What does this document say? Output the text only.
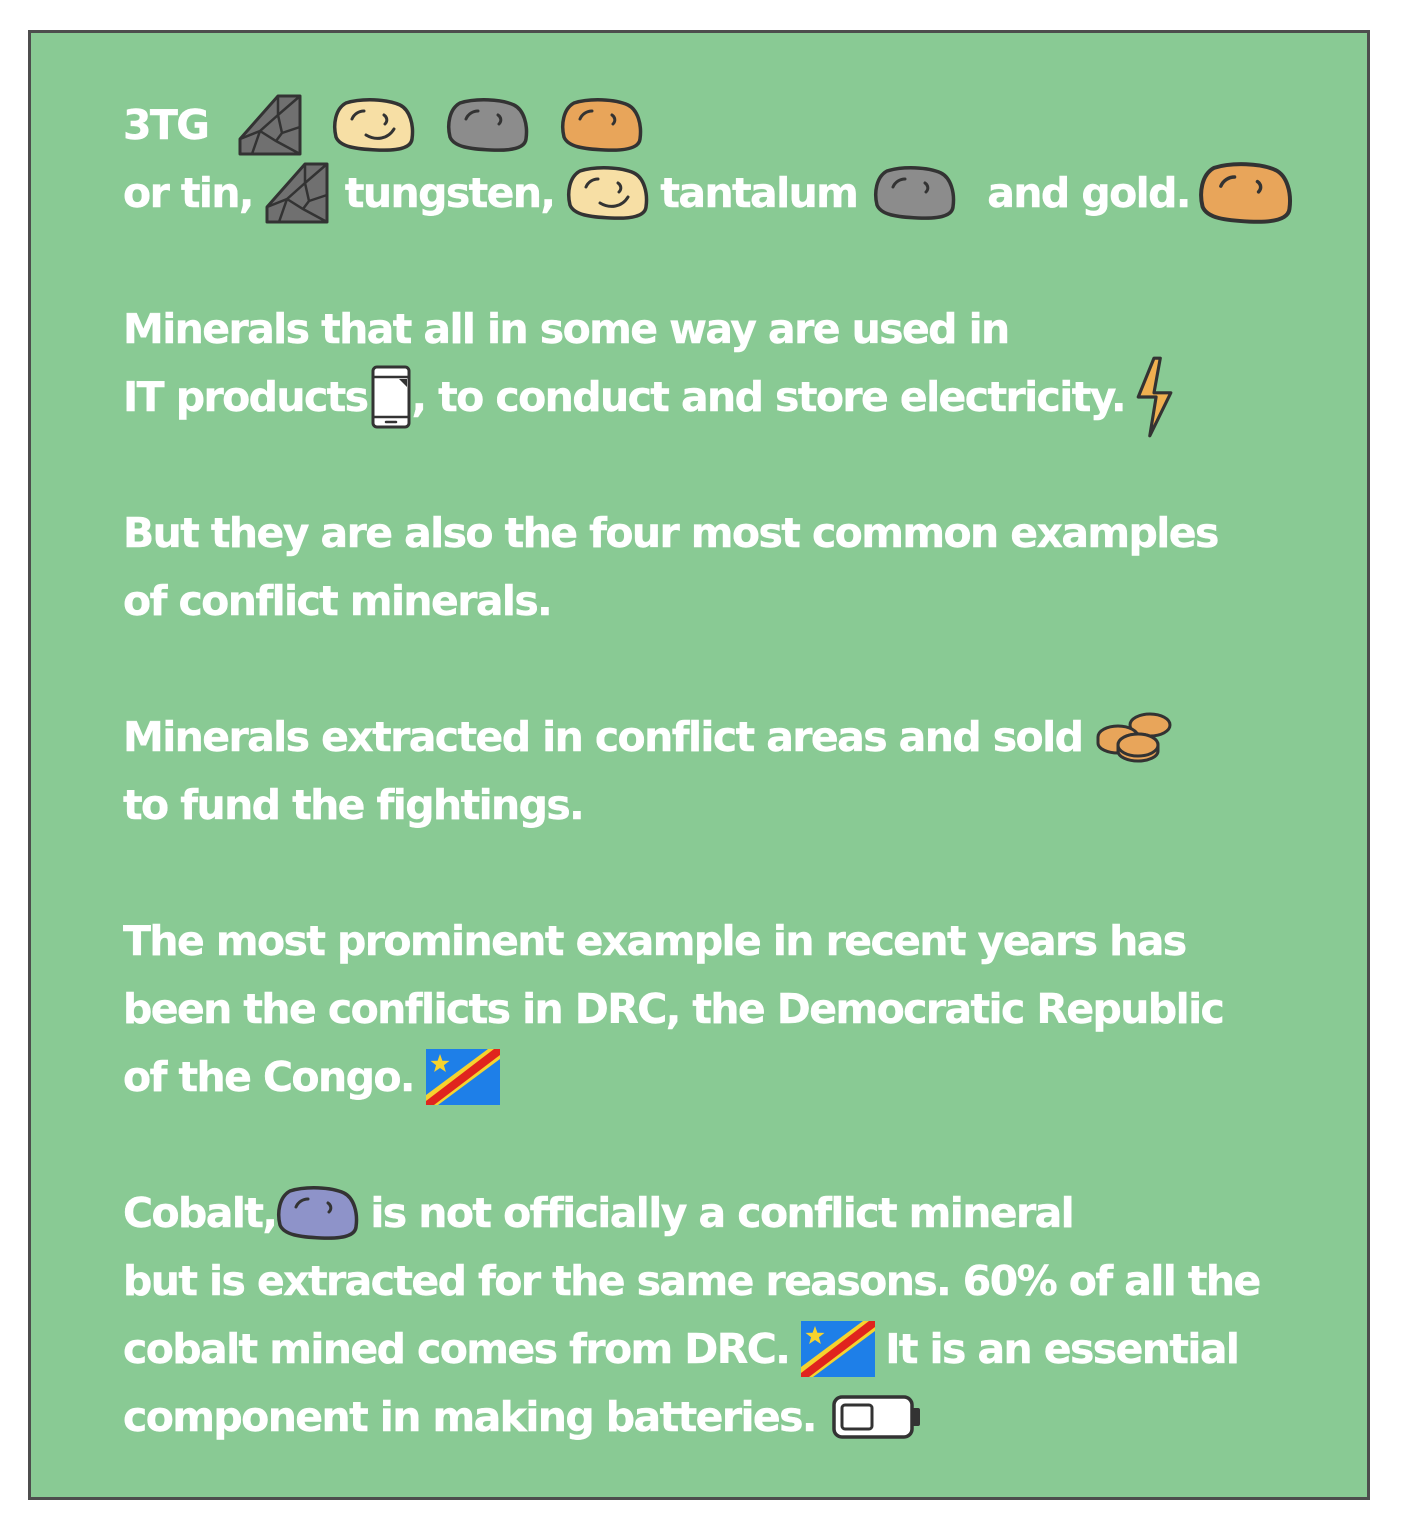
3TG
or tin, tungsten,	tantalum	and gold.
Minerals that all in some way are used in
IT products , to conduct and store electricity.
But they are also the four most common examples
of conflict minerals.
Minerals extracted in conflict areas and sold
to fund the fightings.
The most prominent example in recent years has
been the conflicts in DRC, the Democratic Republic
of the Congo.
Cobalt, is not officially a conflict mineral
but is extracted for the same reasons. 60% of all the
cobalt mined comes from DRC. It is an essential
component in making batteries.
